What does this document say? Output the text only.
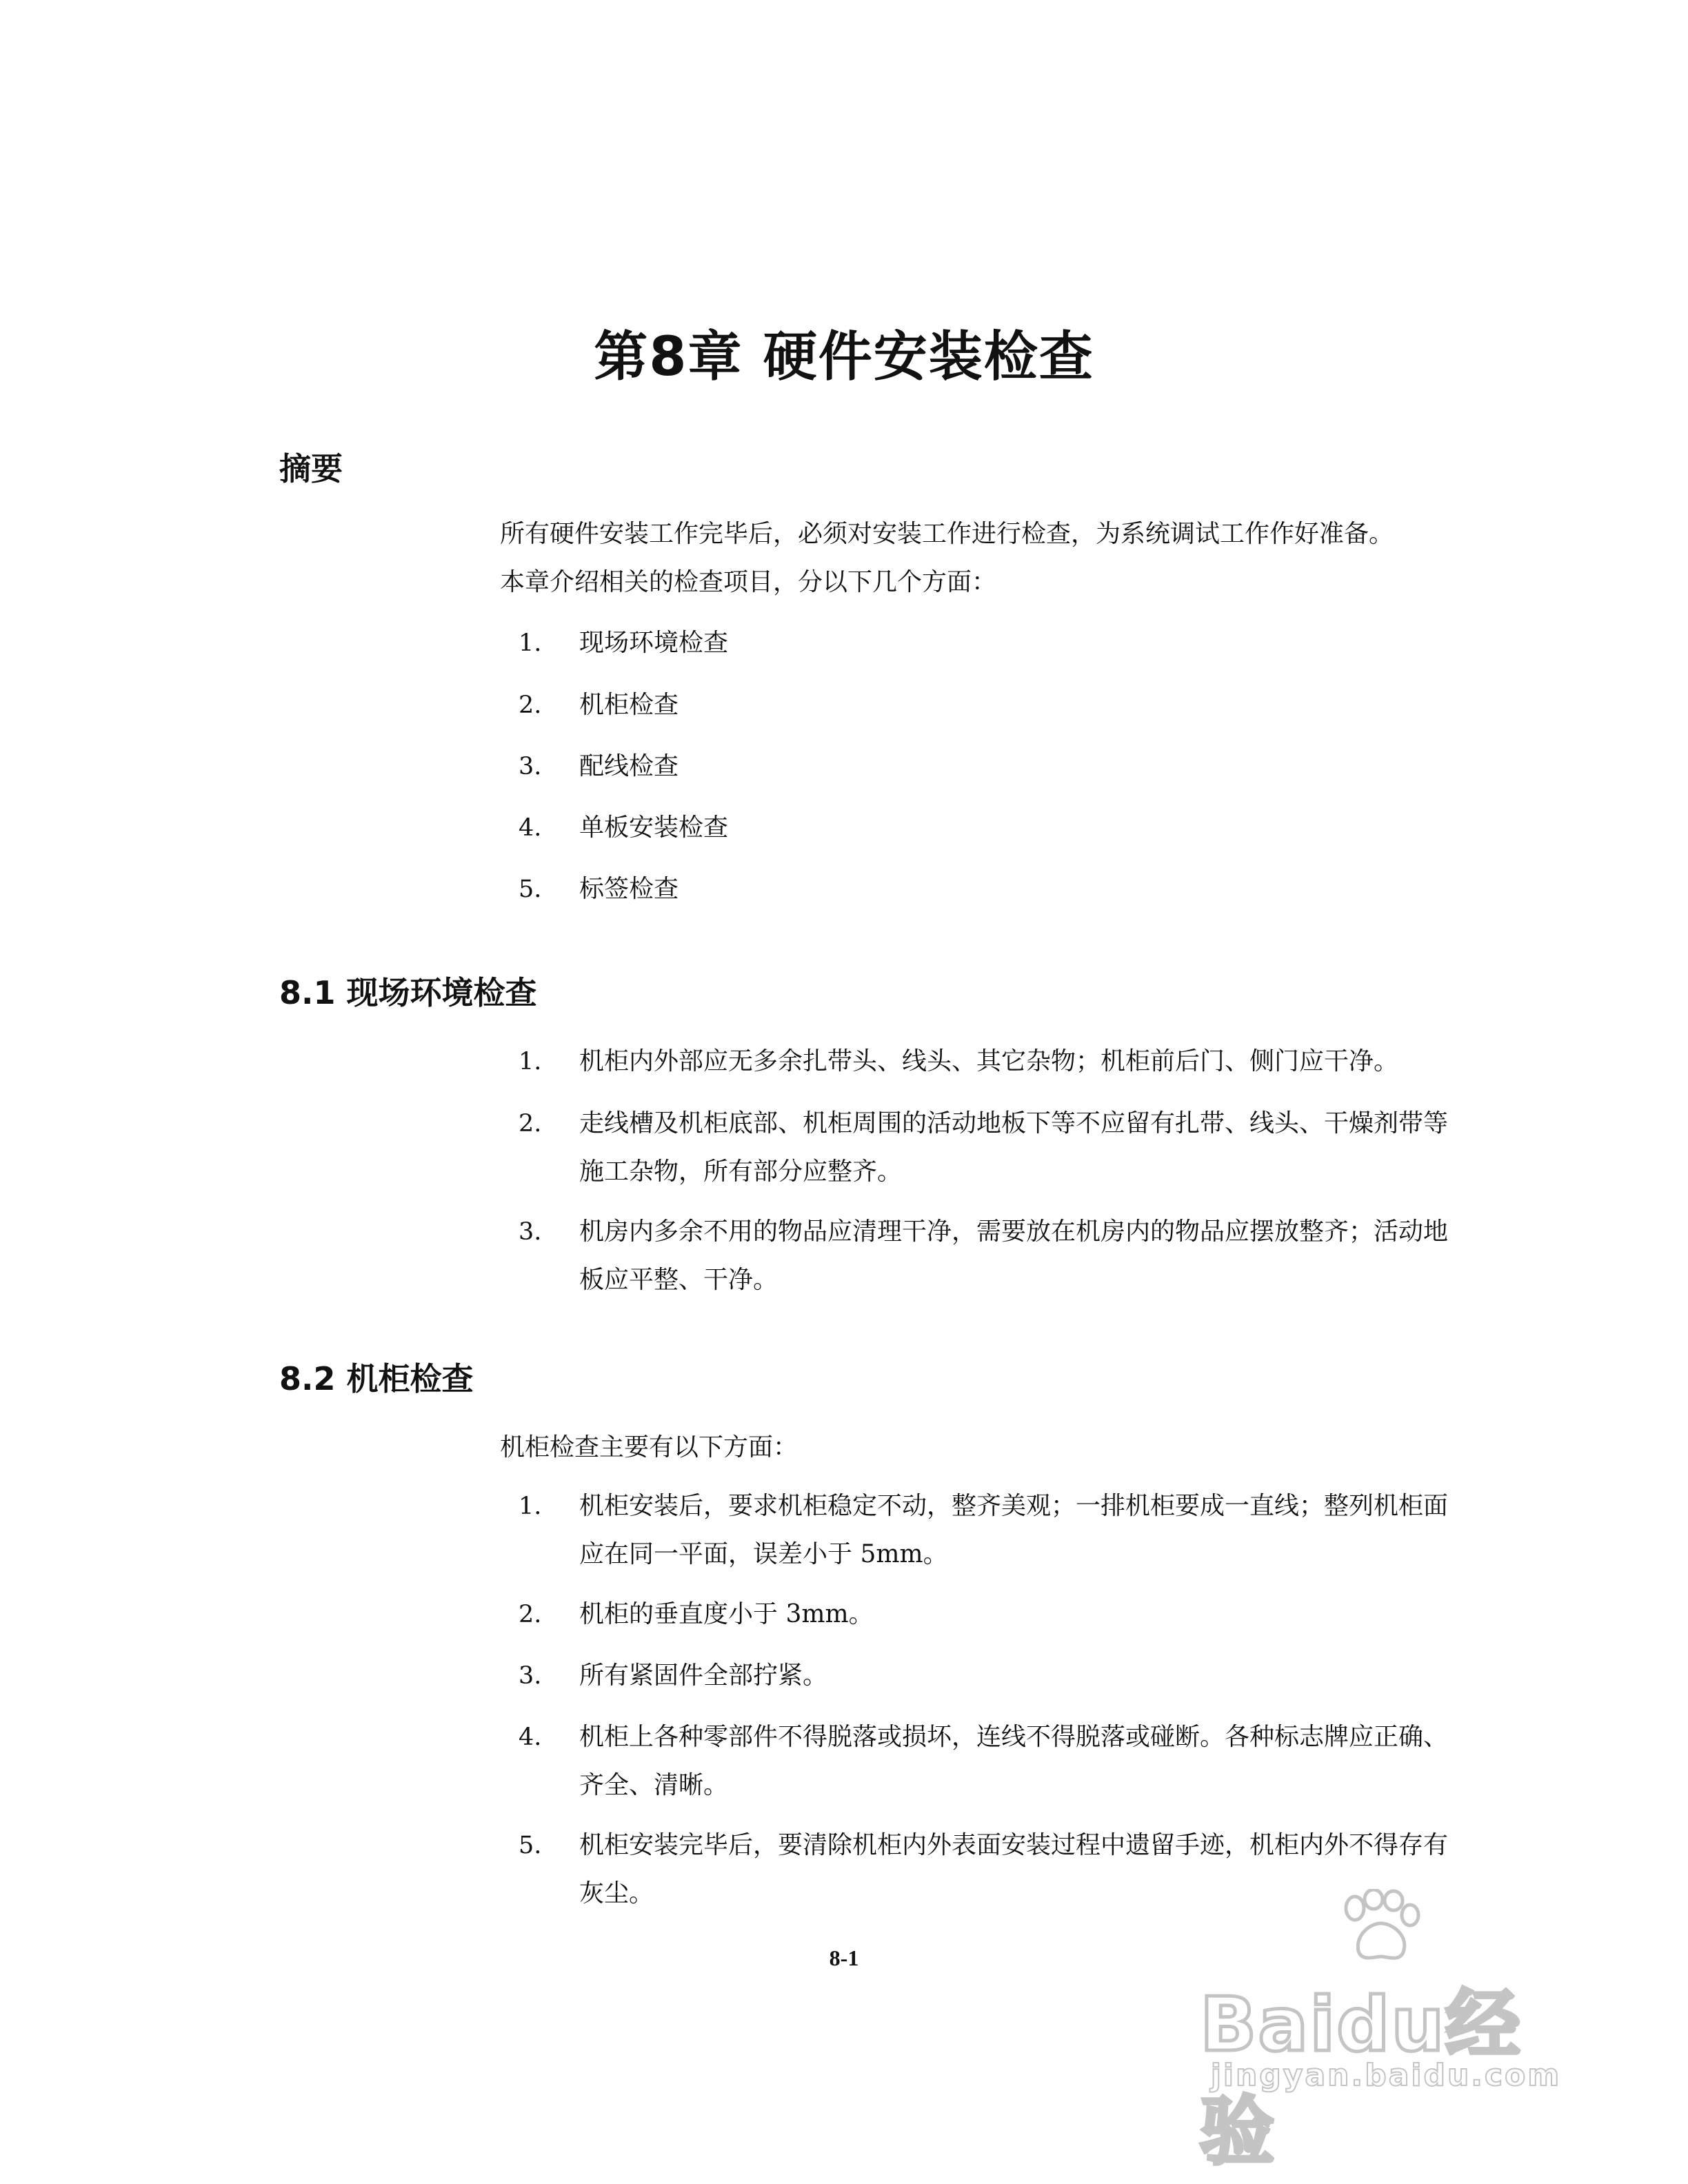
第8章 硬件安装检查
摘要
所有硬件安装工作完毕后，必须对安装工作进行检查，为系统调试工作作好准备。
本章介绍相关的检查项目，分以下几个方面：
1.	现场环境检查
2.	机柜检查
3.	配线检查
4.	单板安装检查
5.	标签检查
8.1 现场环境检查
1.	机柜内外部应无多余扎带头、线头、其它杂物；机柜前后门、侧门应干净。
2.	走线槽及机柜底部、机柜周围的活动地板下等不应留有扎带、线头、干燥剂带等施工杂物，所有部分应整齐。
3.	机房内多余不用的物品应清理干净，需要放在机房内的物品应摆放整齐；活动地板应平整、干净。
8.2 机柜检查
机柜检查主要有以下方面：
1.	机柜安装后，要求机柜稳定不动，整齐美观；一排机柜要成一直线；整列机柜面应在同一平面，误差小于 5mm。
2.	机柜的垂直度小于 3mm。
3.	所有紧固件全部拧紧。
4.	机柜上各种零部件不得脱落或损坏，连线不得脱落或碰断。各种标志牌应正确、齐全、清晰。
5.	机柜安装完毕后，要清除机柜内外表面安装过程中遗留手迹，机柜内外不得存有灰尘。
8-1
Baidu经验
jingyan.baidu.com
